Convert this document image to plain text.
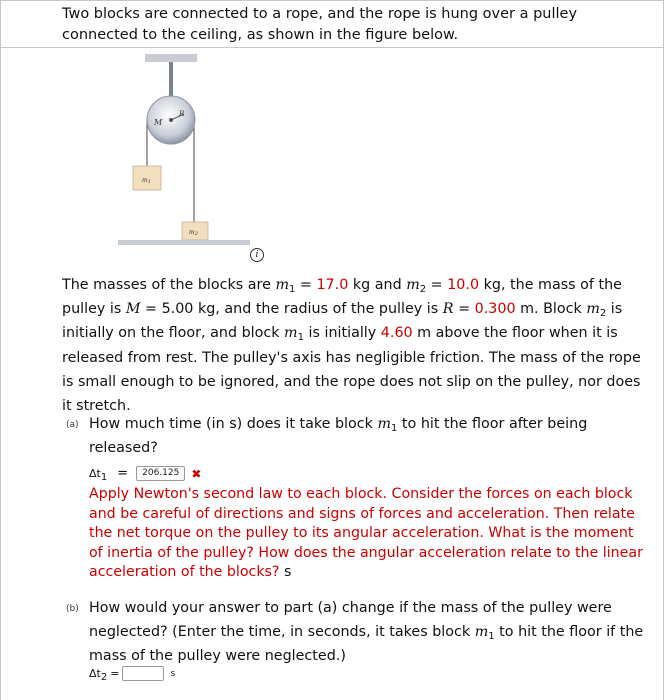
Two blocks are connected to a rope, and the rope is hung over a pulley connected to the ceiling, as shown in the figure below.
M
R
m1
m2
i
The masses of the blocks are $m_1 = 17.0$ kg and $m_2 = 10.0$ kg, the mass of the pulley is M = 5.00 kg, and the radius of the pulley is R = 0.300 m. Block $m_2$ is initially on the floor, and block $m_1$ is initially 4.60 m above the floor when it is released from rest. The pulley's axis has negligible friction. The mass of the rope is small enough to be ignored, and the rope does not slip on the pulley, nor does it stretch.
(a) How much time (in s) does it take block $m_1$ to hit the floor after being released?
$\Delta t_1$ =	206.125	✖
Apply Newton's second law to each block. Consider the forces on each block and be careful of directions and signs of forces and acceleration. Then relate the net torque on the pulley to its angular acceleration. What is the moment of inertia of the pulley? How does the angular acceleration relate to the linear acceleration of the blocks? s
(b) How would your answer to part (a) change if the mass of the pulley were neglected? (Enter the time, in seconds, it takes block $m_1$ to hit the floor if the mass of the pulley were neglected.)
$\Delta t_2$ =	s
